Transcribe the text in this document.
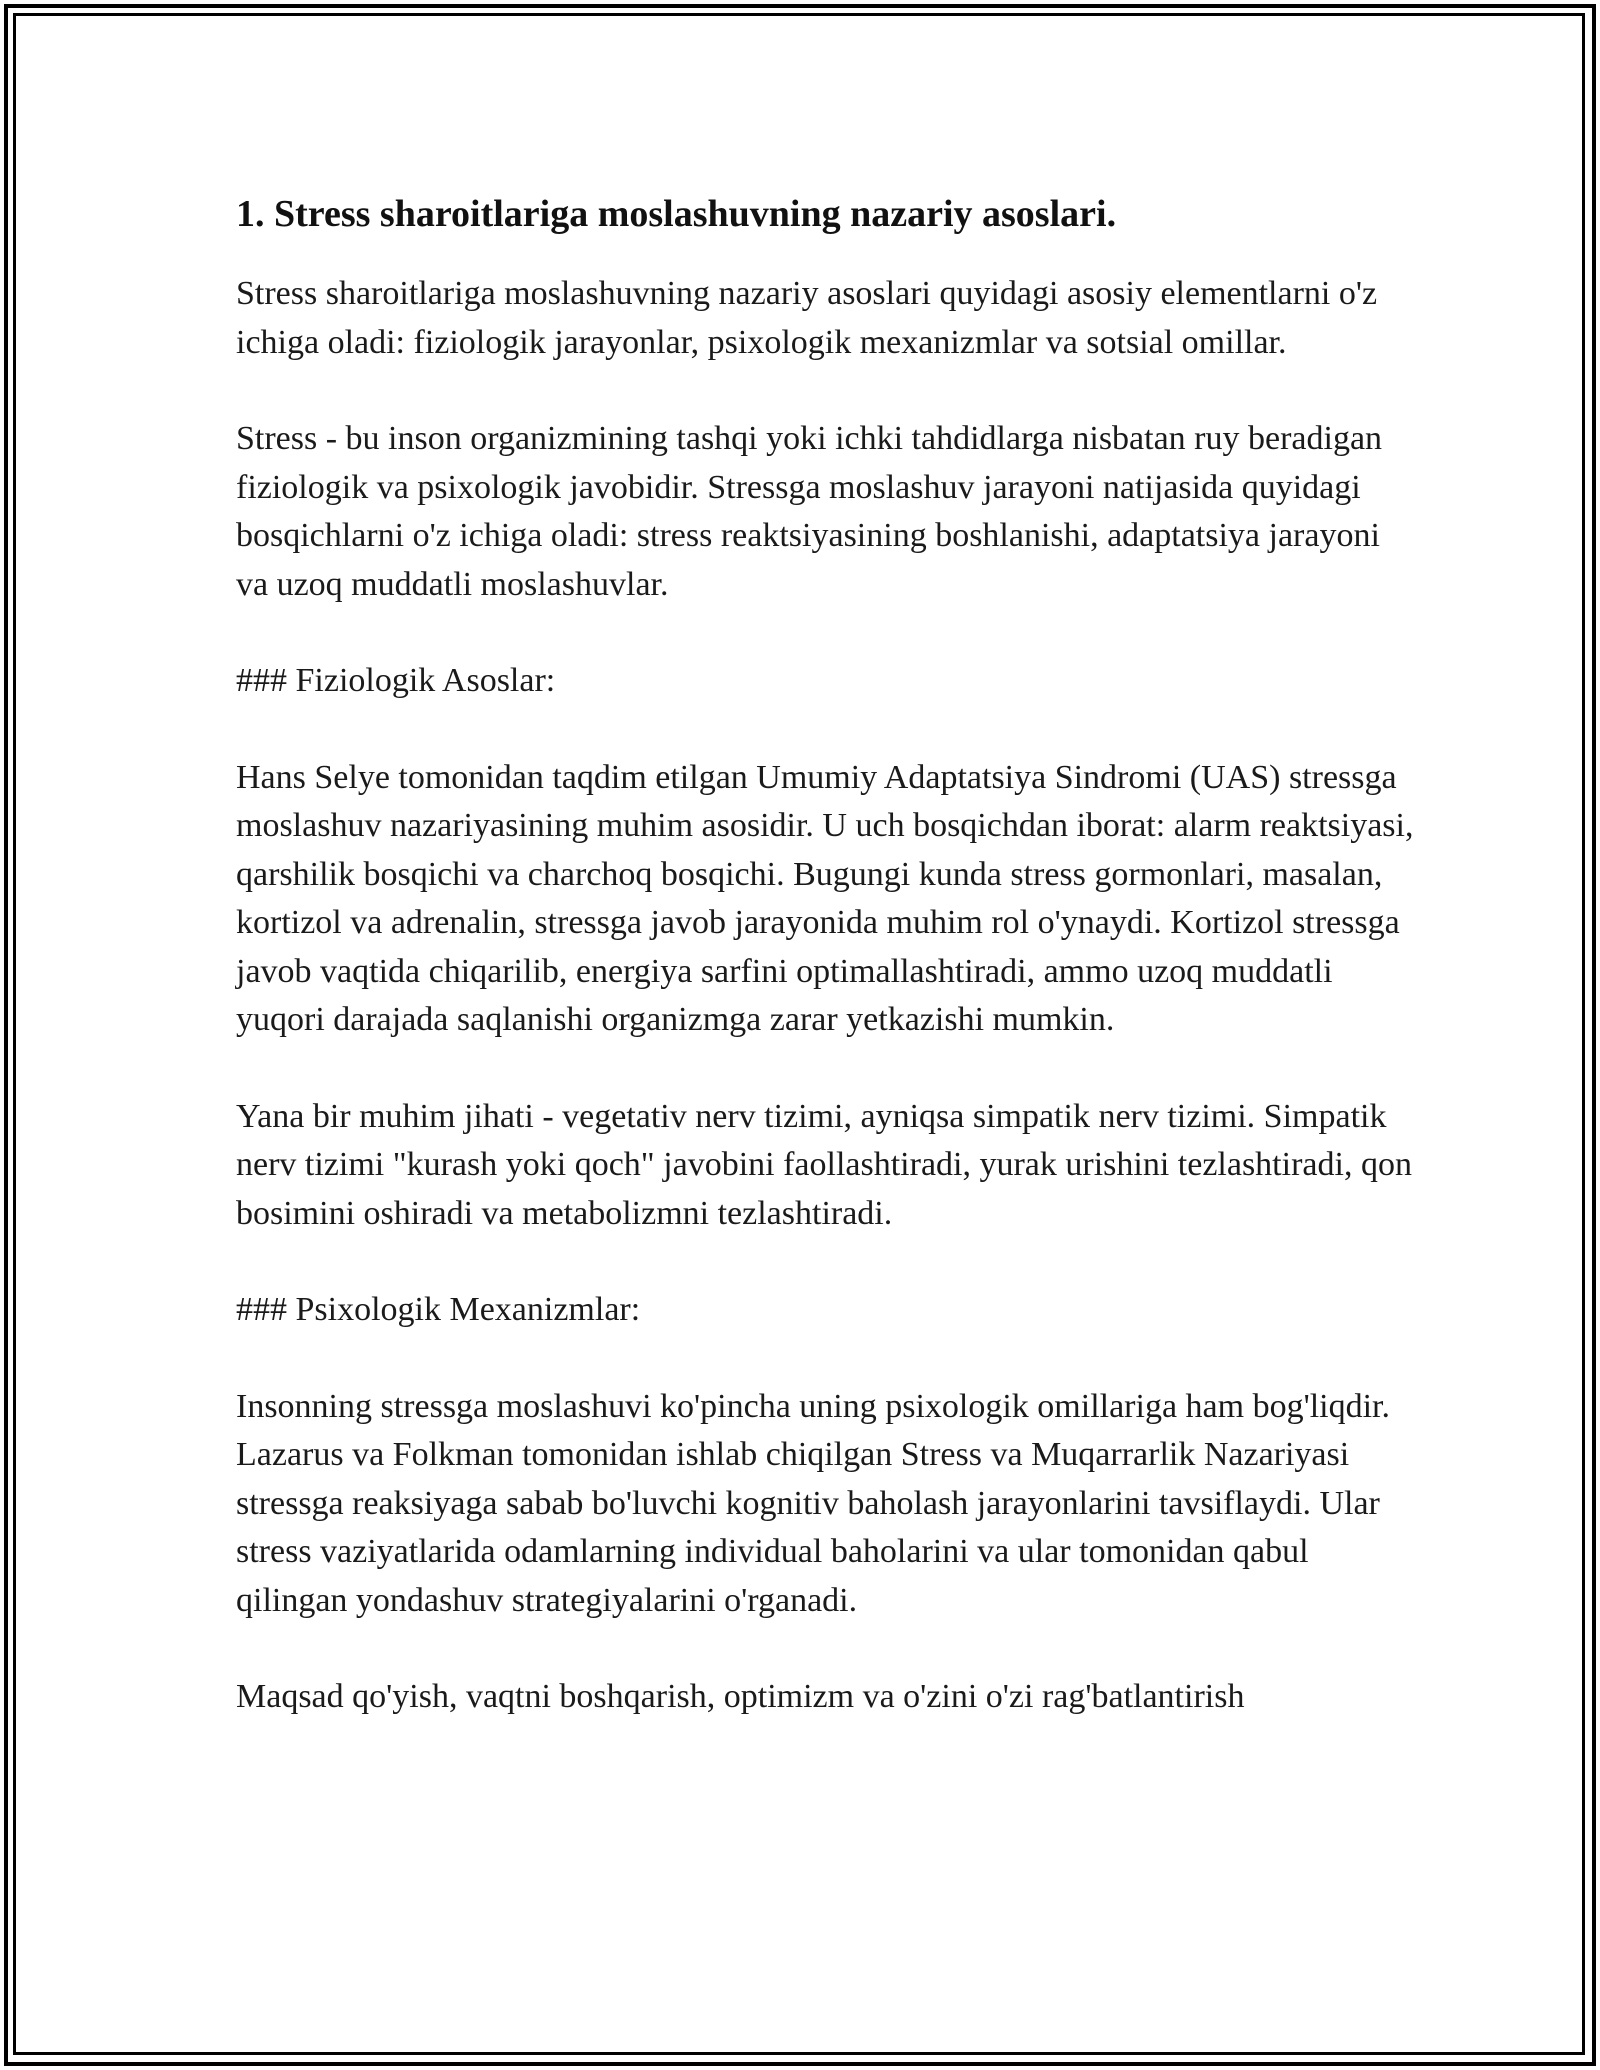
1. Stress sharoitlariga moslashuvning nazariy asoslari.

Stress sharoitlariga moslashuvning nazariy asoslari quyidagi asosiy elementlarni o'z ichiga oladi: fiziologik jarayonlar, psixologik mexanizmlar va sotsial omillar.

Stress - bu inson organizmining tashqi yoki ichki tahdidlarga nisbatan ruy beradigan fiziologik va psixologik javobidir. Stressga moslashuv jarayoni natijasida quyidagi bosqichlarni o'z ichiga oladi: stress reaktsiyasining boshlanishi, adaptatsiya jarayoni va uzoq muddatli moslashuvlar.

### Fiziologik Asoslar:

Hans Selye tomonidan taqdim etilgan Umumiy Adaptatsiya Sindromi (UAS) stressga moslashuv nazariyasining muhim asosidir. U uch bosqichdan iborat: alarm reaktsiyasi, qarshilik bosqichi va charchoq bosqichi. Bugungi kunda stress gormonlari, masalan, kortizol va adrenalin, stressga javob jarayonida muhim rol o'ynaydi. Kortizol stressga javob vaqtida chiqarilib, energiya sarfini optimallashtiradi, ammo uzoq muddatli yuqori darajada saqlanishi organizmga zarar yetkazishi mumkin.

Yana bir muhim jihati - vegetativ nerv tizimi, ayniqsa simpatik nerv tizimi. Simpatik nerv tizimi "kurash yoki qoch" javobini faollashtiradi, yurak urishini tezlashtiradi, qon bosimini oshiradi va metabolizmni tezlashtiradi.

### Psixologik Mexanizmlar:

Insonning stressga moslashuvi ko'pincha uning psixologik omillariga ham bog'liqdir. Lazarus va Folkman tomonidan ishlab chiqilgan Stress va Muqarrarlik Nazariyasi stressga reaksiyaga sabab bo'luvchi kognitiv baholash jarayonlarini tavsiflaydi. Ular stress vaziyatlarida odamlarning individual baholarini va ular tomonidan qabul qilingan yondashuv strategiyalarini o'rganadi.

Maqsad qo'yish, vaqtni boshqarish, optimizm va o'zini o'zi rag'batlantirish
